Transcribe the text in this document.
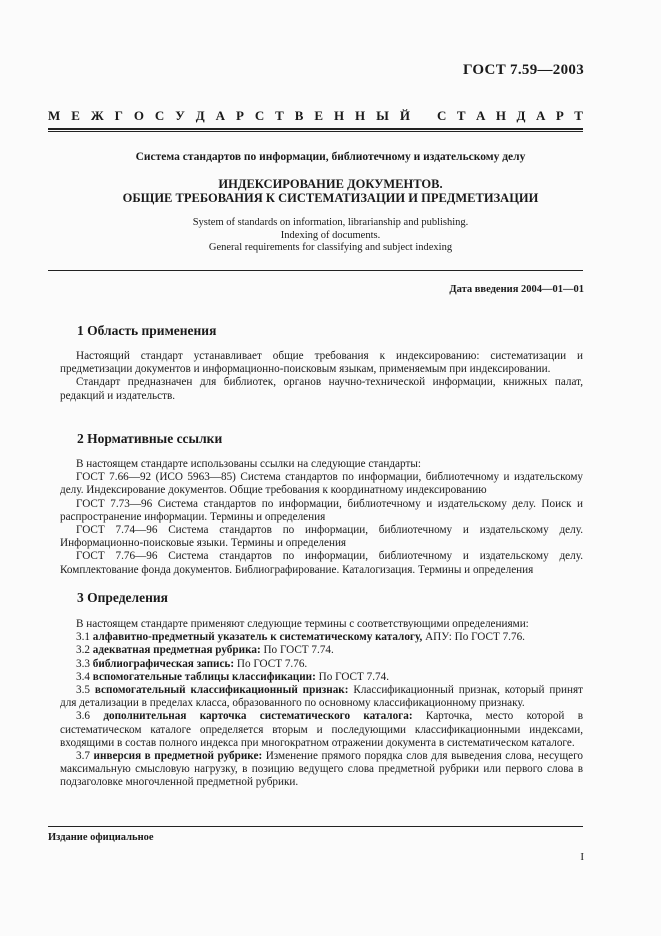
ГОСТ 7.59—2003
М Е Ж Г О С У Д А Р С Т В Е Н Н Ы Й С Т А Н Д А Р Т
Система стандартов по информации, библиотечному и издательскому делу
ИНДЕКСИРОВАНИЕ ДОКУМЕНТОВ.
ОБЩИЕ ТРЕБОВАНИЯ К СИСТЕМАТИЗАЦИИ И ПРЕДМЕТИЗАЦИИ
System of standards on information, librarianship and publishing.
Indexing of documents.
General requirements for classifying and subject indexing
Дата введения 2004—01—01
1 Область применения

Настоящий стандарт устанавливает общие требования к индексированию: систематизации и предметизации документов и информационно-поисковым языкам, применяемым при индексировании.

Стандарт предназначен для библиотек, органов научно-технической информации, книжных палат, редакций и издательств.

2 Нормативные ссылки

В настоящем стандарте использованы ссылки на следующие стандарты:

ГОСТ 7.66—92 (ИСО 5963—85) Система стандартов по информации, библиотечному и издательскому делу. Индексирование документов. Общие требования к координатному индексированию

ГОСТ 7.73—96 Система стандартов по информации, библиотечному и издательскому делу. Поиск и распространение информации. Термины и определения

ГОСТ 7.74—96 Система стандартов по информации, библиотечному и издательскому делу. Информационно-поисковые языки. Термины и определения

ГОСТ 7.76—96 Система стандартов по информации, библиотечному и издательскому делу. Комплектование фонда документов. Библиографирование. Каталогизация. Термины и определения

3 Определения

В настоящем стандарте применяют следующие термины с соответствующими определениями:

3.1 алфавитно-предметный указатель к систематическому каталогу, АПУ: По ГОСТ 7.76.

3.2 адекватная предметная рубрика: По ГОСТ 7.74.

3.3 библиографическая запись: По ГОСТ 7.76.

3.4 вспомогательные таблицы классификации: По ГОСТ 7.74.

3.5 вспомогательный классификационный признак: Классификационный признак, который принят для детализации в пределах класса, образованного по основному классификационному признаку.

3.6 дополнительная карточка систематического каталога: Карточка, место которой в систематическом каталоге определяется вторым и последующими классификационными индексами, входящими в состав полного индекса при многократном отражении документа в систематическом каталоге.

3.7 инверсия в предметной рубрике: Изменение прямого порядка слов для выведения слова, несущего максимальную смысловую нагрузку, в позицию ведущего слова предметной рубрики или первого слова в подзаголовке многочленной предметной рубрики.

Издание официальное
I
